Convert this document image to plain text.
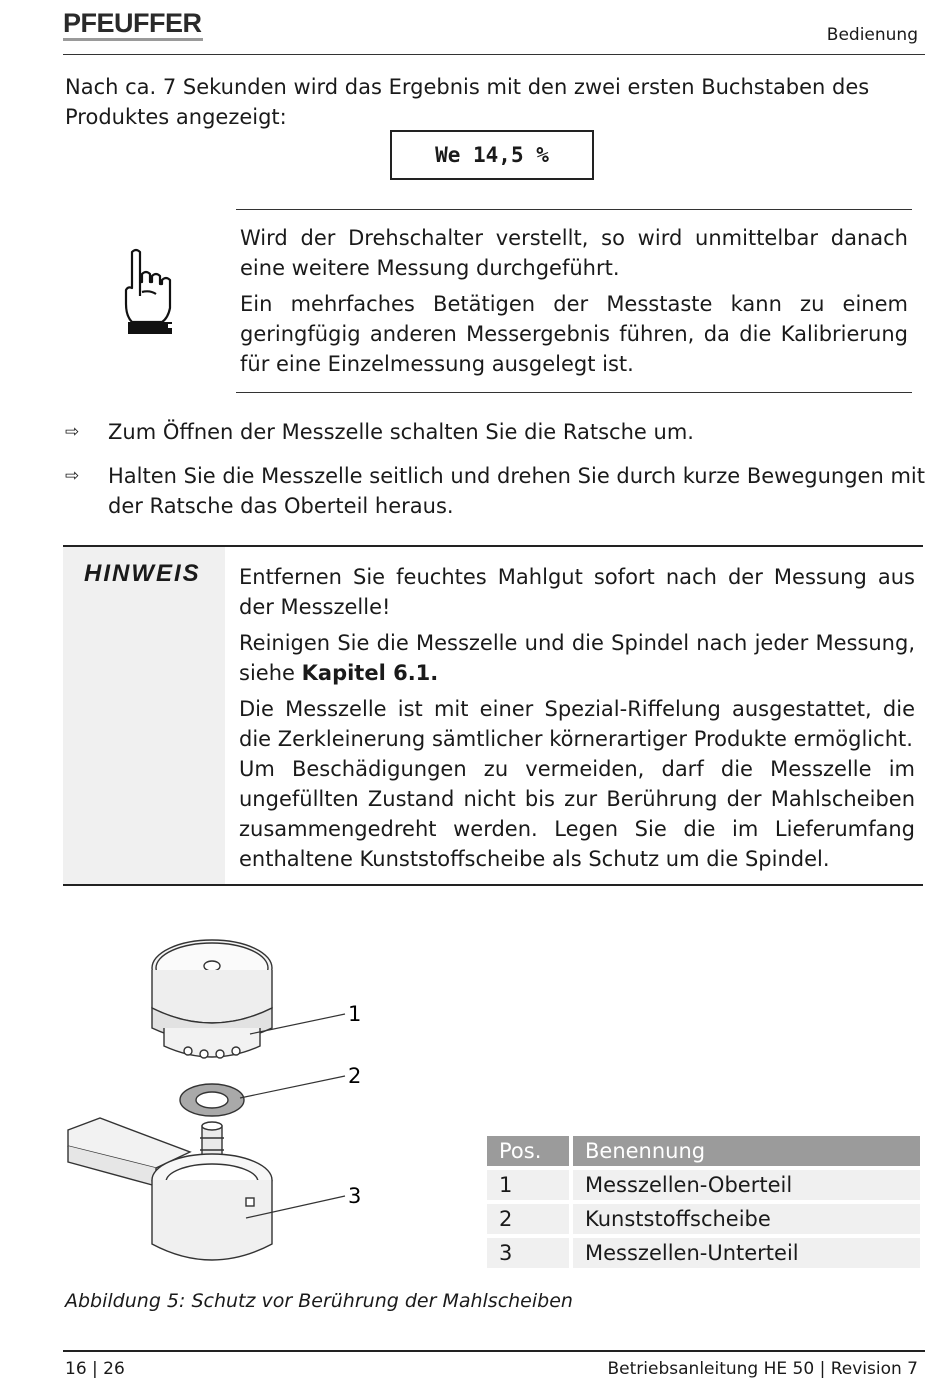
PFEUFFER	Bedienung
Nach ca. 7 Sekunden wird das Ergebnis mit den zwei ersten Buchstaben des Produktes angezeigt:
We 14,5 %

Wird der Drehschalter verstellt, so wird unmittelbar danach eine weitere Messung durchgeführt.

Ein mehrfaches Betätigen der Messtaste kann zu einem geringfügig anderen Messergebnis führen, da die Kalibrierung für eine Einzelmessung ausgelegt ist.

⇨ Zum Öffnen der Messzelle schalten Sie die Ratsche um.
⇨ Halten Sie die Messzelle seitlich und drehen Sie durch kurze Bewegungen mit der Ratsche das Oberteil heraus.
HINWEIS Entfernen Sie feuchtes Mahlgut sofort nach der Messung aus der Messzelle!

Reinigen Sie die Messzelle und die Spindel nach jeder Messung, siehe Kapitel 6.1.

Die Messzelle ist mit einer Spezial-Riffelung ausgestattet, die die Zerkleinerung sämtlicher körnerartiger Produkte ermöglicht.

Um Beschädigungen zu vermeiden, darf die Messzelle im ungefüllten Zustand nicht bis zur Berührung der Mahlscheiben zusammengedreht werden. Legen Sie die im Lieferumfang enthaltene Kunststoffscheibe als Schutz um die Spindel.

1
2
3
Pos.	Benennung
1	Messzellen-Oberteil
2	Kunststoffscheibe
3	Messzellen-Unterteil
Abbildung 5: Schutz vor Berührung der Mahlscheiben
16 | 26	Betriebsanleitung HE 50 | Revision 7
